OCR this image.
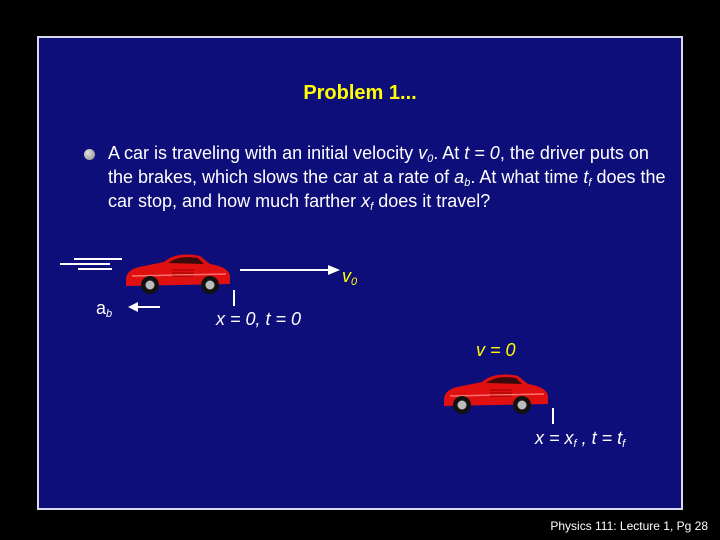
Problem 1...
A car is traveling with an initial velocity $v_0$. At t = 0, the driver puts on the brakes, which slows the car at a rate of $a_b$. At what time $t_f$ does the car stop, and how much farther $x_f$ does it travel?
$v_0$
$a_b$	x = 0, t = 0
v = 0
$x = x_f$ , $t = t_f$
Physics 111: Lecture 1, Pg 28
